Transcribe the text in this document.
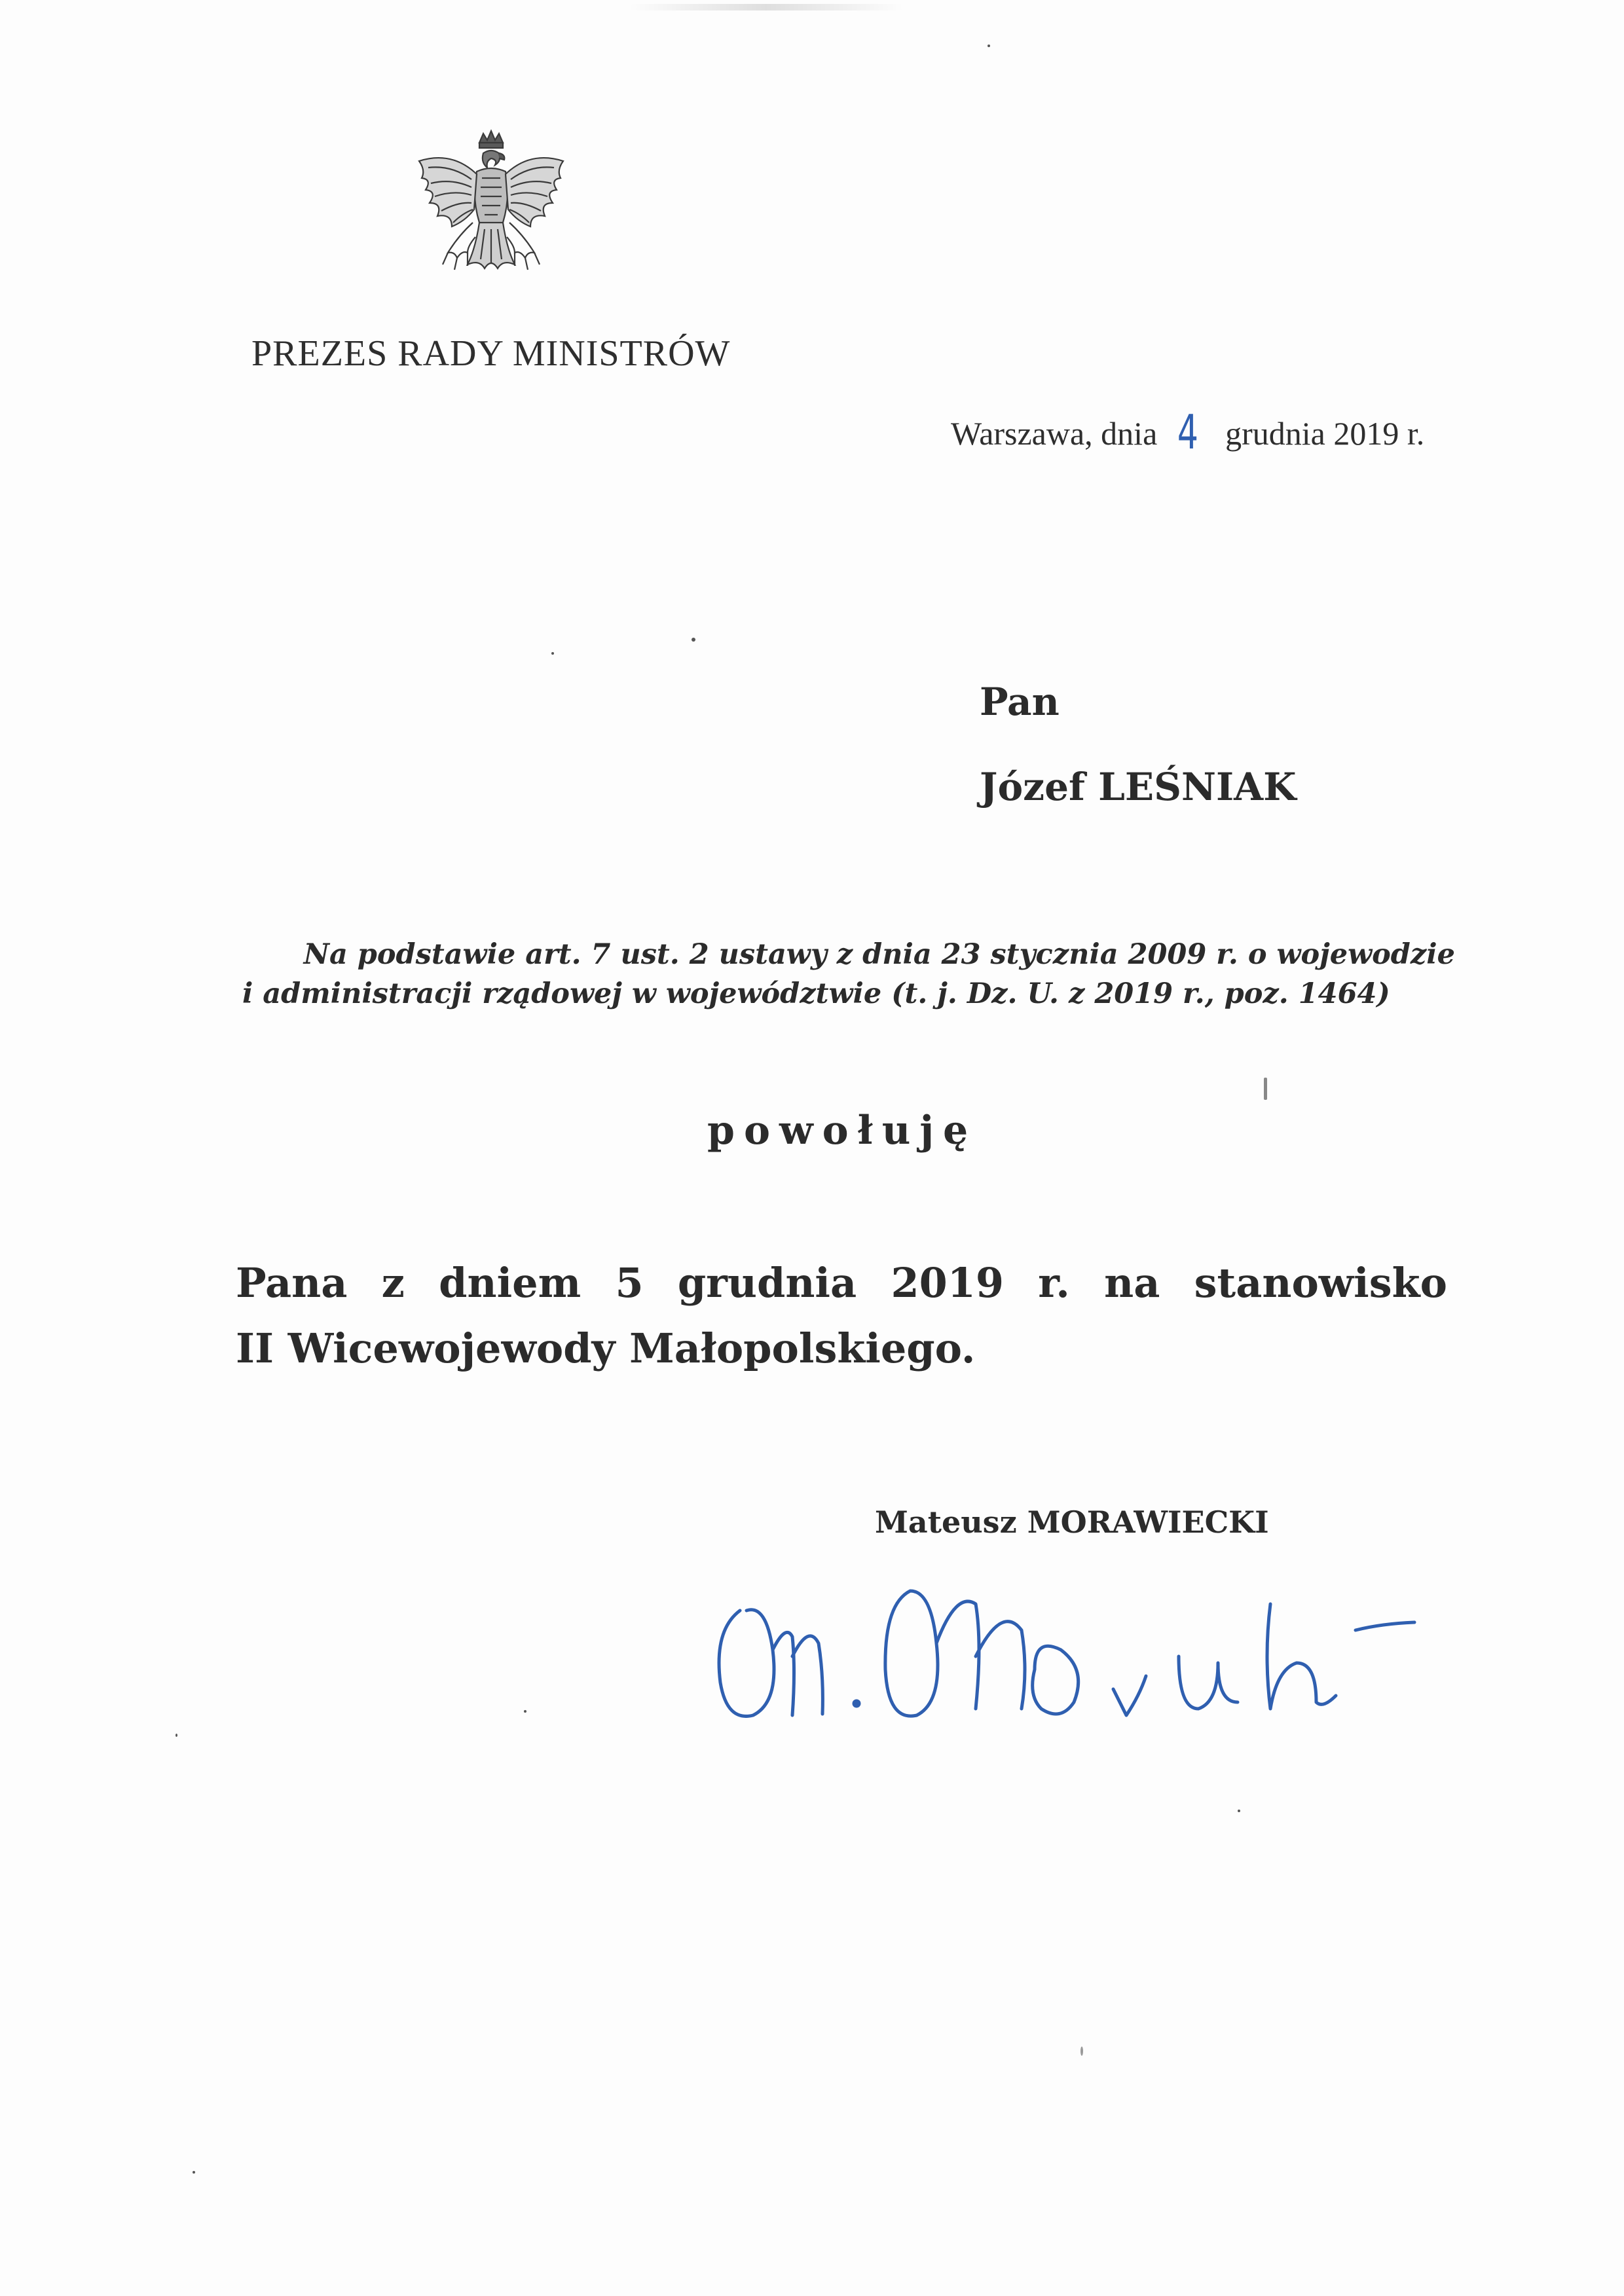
PREZES RADY MINISTRÓW
Warszawa, dnia 4 grudnia 2019 r.
Pan
Józef LEŚNIAK
Na podstawie art. 7 ust. 2 ustawy z dnia 23 stycznia 2009 r. o wojewodzie
i administracji rządowej w województwie (t. j. Dz. U. z 2019 r., poz. 1464)
powołuję
Pana z dniem 5 grudnia 2019 r. na stanowisko
II Wicewojewody Małopolskiego.
Mateusz MORAWIECKI
